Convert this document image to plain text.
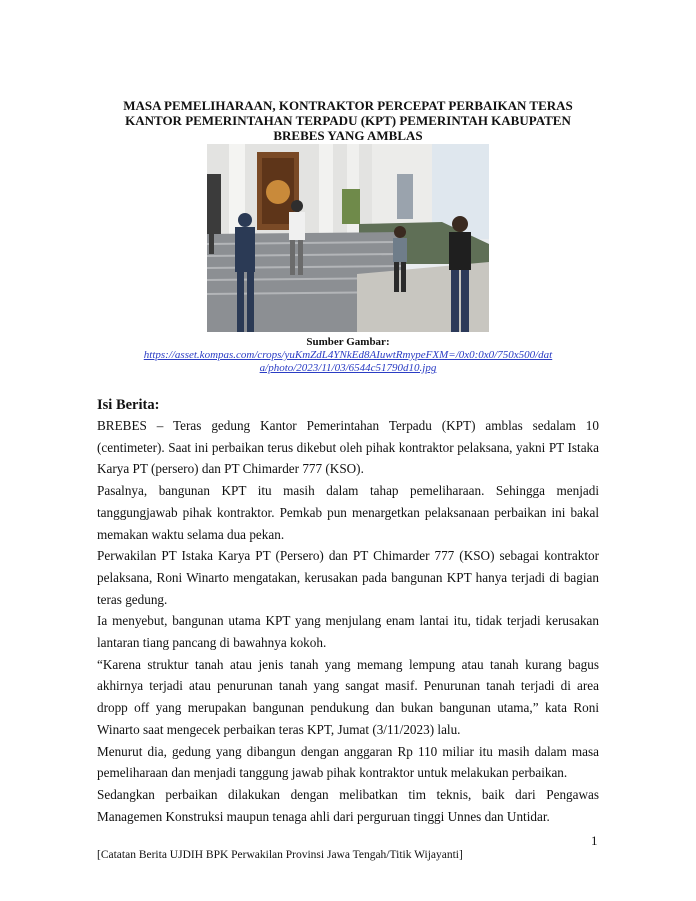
MASA PEMELIHARAAN, KONTRAKTOR PERCEPAT PERBAIKAN TERAS
KANTOR PEMERINTAHAN TERPADU (KPT) PEMERINTAH KABUPATEN
BREBES YANG AMBLAS
Sumber Gambar:
https://asset.kompas.com/crops/yuKmZdL4YNkEd8AIuwtRmypeFXM=/0x0:0x0/750x500/dat
a/photo/2023/11/03/6544c51790d10.jpg
Isi Berita:

BREBES – Teras gedung Kantor Pemerintahan Terpadu (KPT) amblas sedalam 10 (centimeter). Saat ini perbaikan terus dikebut oleh pihak kontraktor pelaksana, yakni PT Istaka Karya PT (persero) dan PT Chimarder 777 (KSO).

Pasalnya, bangunan KPT itu masih dalam tahap pemeliharaan. Sehingga menjadi tanggungjawab pihak kontraktor. Pemkab pun menargetkan pelaksanaan perbaikan ini bakal memakan waktu selama dua pekan.

Perwakilan PT Istaka Karya PT (Persero) dan PT Chimarder 777 (KSO) sebagai kontraktor pelaksana, Roni Winarto mengatakan, kerusakan pada bangunan KPT hanya terjadi di bagian teras gedung.

Ia menyebut, bangunan utama KPT yang menjulang enam lantai itu, tidak terjadi kerusakan lantaran tiang pancang di bawahnya kokoh.

“Karena struktur tanah atau jenis tanah yang memang lempung atau tanah kurang bagus akhirnya terjadi atau penurunan tanah yang sangat masif. Penurunan tanah terjadi di area dropp off yang merupakan bangunan pendukung dan bukan bangunan utama,” kata Roni Winarto saat mengecek perbaikan teras KPT, Jumat (3/11/2023) lalu.

Menurut dia, gedung yang dibangun dengan anggaran Rp 110 miliar itu masih dalam masa pemeliharaan dan menjadi tanggung jawab pihak kontraktor untuk melakukan perbaikan.

Sedangkan perbaikan dilakukan dengan melibatkan tim teknis, baik dari Pengawas Managemen Konstruksi maupun tenaga ahli dari perguruan tinggi Unnes dan Untidar.

1
[Catatan Berita UJDIH BPK Perwakilan Provinsi Jawa Tengah/Titik Wijayanti]
